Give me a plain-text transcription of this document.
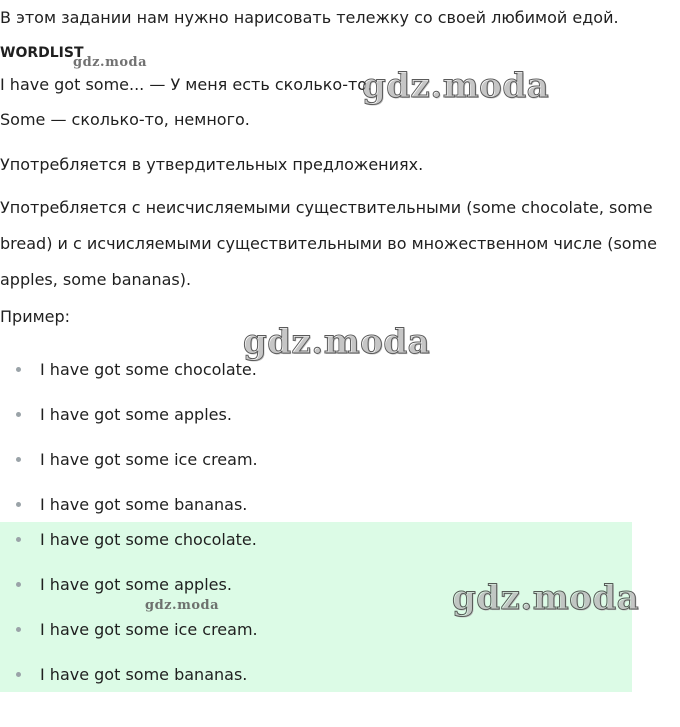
В этом задании нам нужно нарисовать тележку со своей любимой едой.

WORDLIST

I have got some... — У меня есть сколько-то.

Some — сколько-то, немного.

Употребляется в утвердительных предложениях.

Употребляется с неисчисляемыми существительными (some chocolate, some bread) и с исчисляемыми существительными во множественном числе (some apples, some bananas).

Пример:

I have got some chocolate.
I have got some apples.
I have got some ice cream.
I have got some bananas.
I have got some chocolate.
I have got some apples.
I have got some ice cream.
I have got some bananas.
gdz.moda
gdz.moda
gdz.moda
gdz.moda
gdz.moda
